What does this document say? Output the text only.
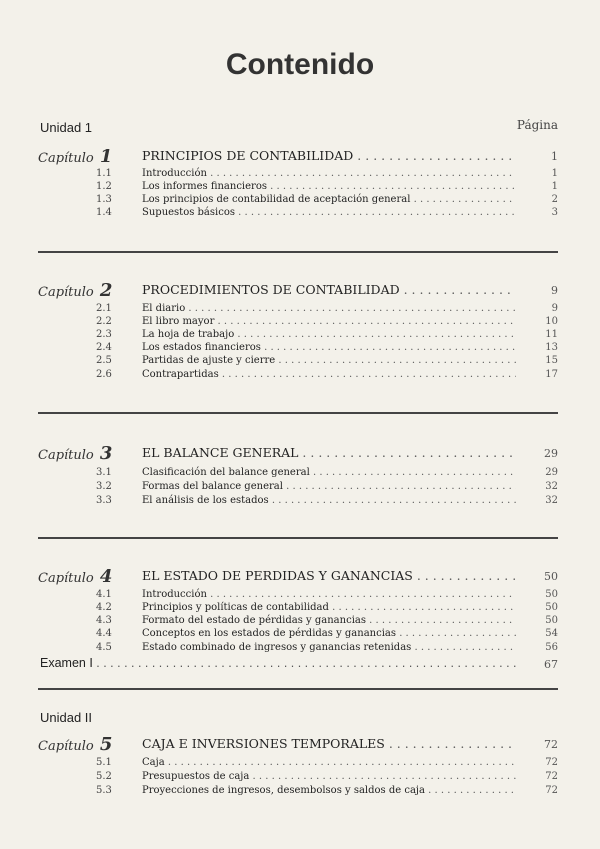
Contenido
Unidad 1	Página
Capítulo 1 PRINCIPIOS DE CONTABILIDAD . . .	1
1.1	Introducción . . .	1
1.2	Los informes financieros . . .	1
1.3	Los principios de contabilidad de aceptación general . . .	2
1.4	Supuestos básicos . . .	3
Capítulo 2 PROCEDIMIENTOS DE CONTABILIDAD . . .	9
2.1	El diario . . .	9
2.2	El libro mayor . . .	10
2.3	La hoja de trabajo . . .	11
2.4	Los estados financieros . . .	13
2.5	Partidas de ajuste y cierre . . .	15
2.6	Contrapartidas . . .	17
Capítulo 3 EL BALANCE GENERAL . . .	29
3.1	Clasificación del balance general . . .	29
3.2	Formas del balance general . . .	32
3.3	El análisis de los estados . . .	32
Capítulo 4 EL ESTADO DE PERDIDAS Y GANANCIAS . . .	50
4.1	Introducción . . .	50
4.2	Principios y políticas de contabilidad . . .	50
4.3	Formato del estado de pérdidas y ganancias . . .	50
4.4	Conceptos en los estados de pérdidas y ganancias . . .	54
4.5	Estado combinado de ingresos y ganancias retenidas . . .	56
Examen I . . .	67
Unidad II
Capítulo 5 CAJA E INVERSIONES TEMPORALES . . .	72
5.1	Caja . . .	72
5.2	Presupuestos de caja . . .	72
5.3	Proyecciones de ingresos, desembolsos y saldos de caja . . .	72
